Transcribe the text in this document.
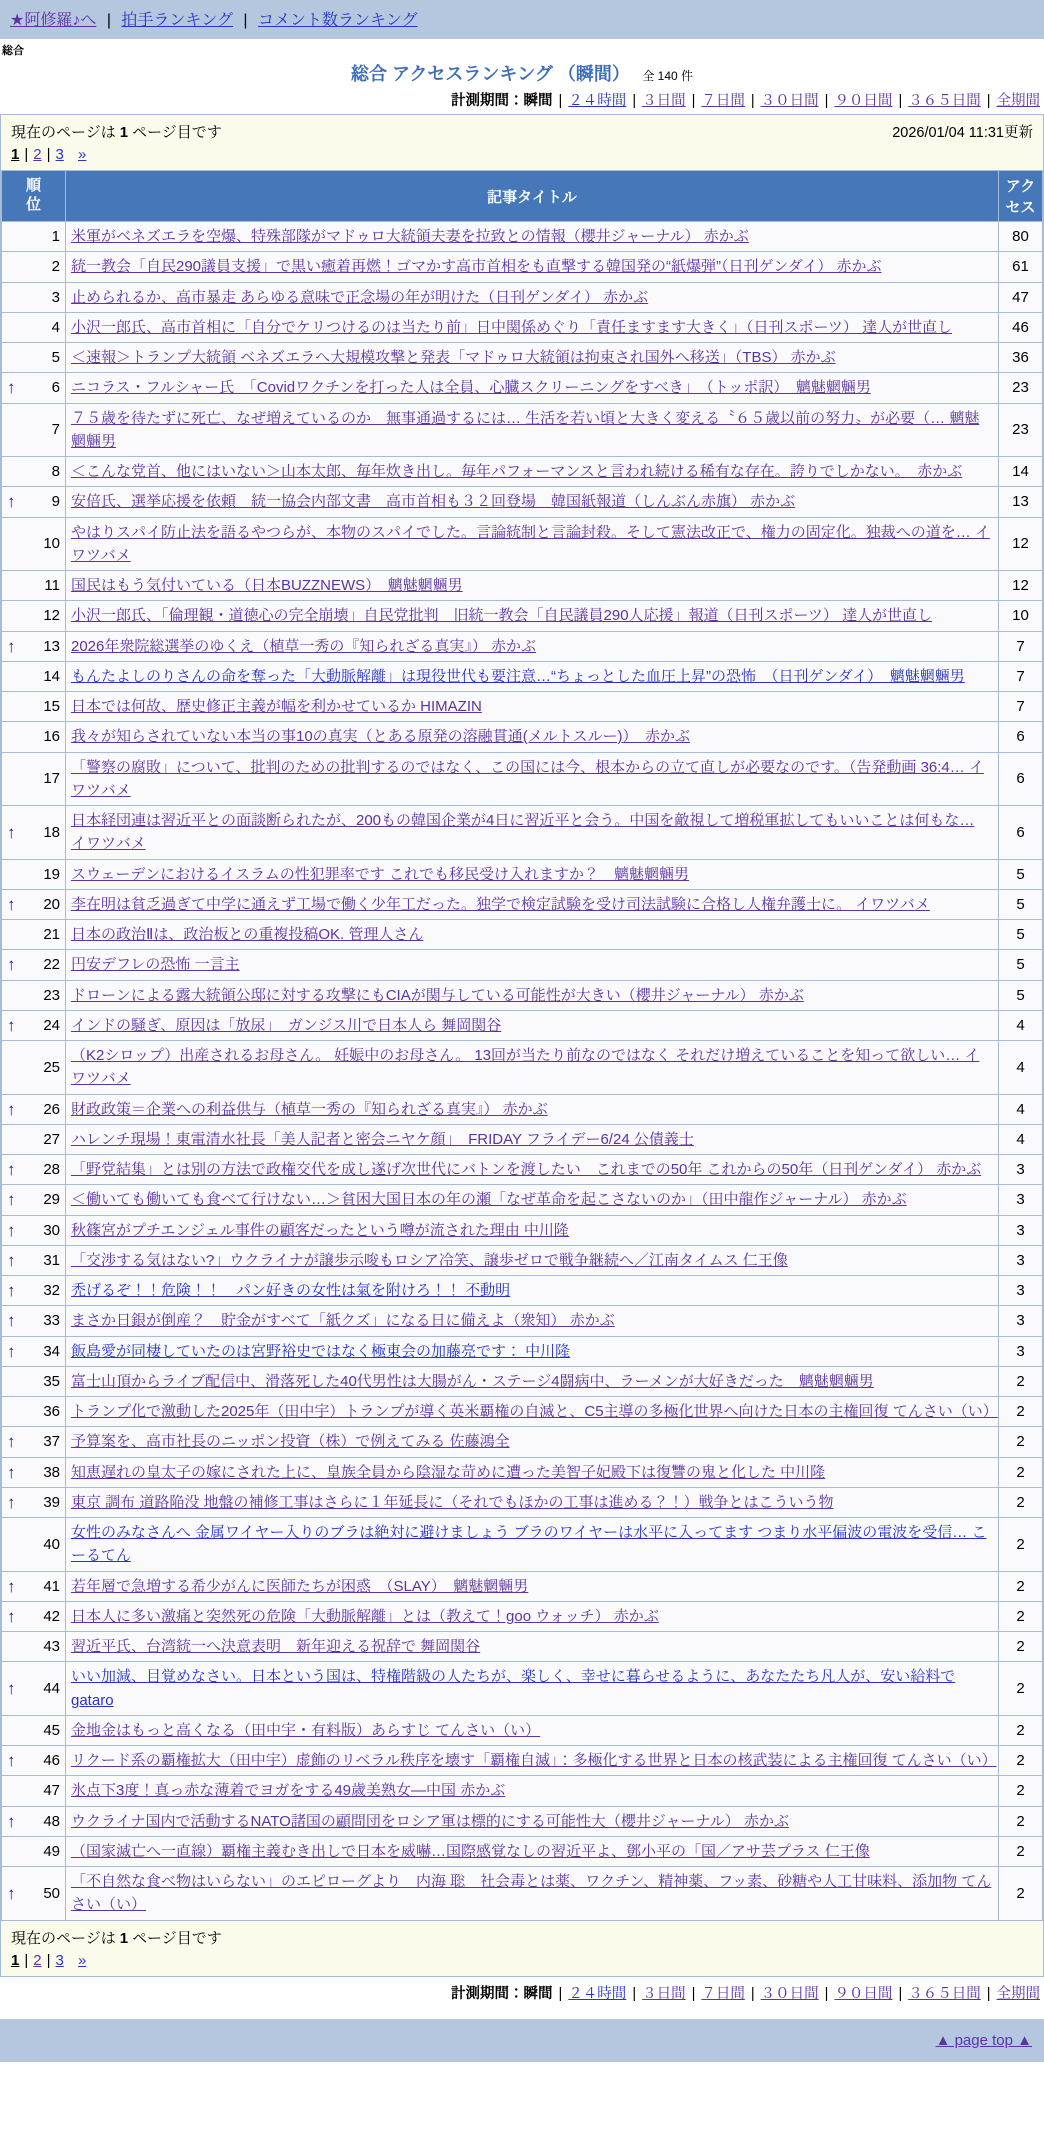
★阿修羅♪へ | 拍手ランキング | コメント数ランキング
総合
総合 アクセスランキング （瞬間） 全 140 件
計測期間：瞬間 | ２４時間 | ３日間 | ７日間 | ３０日間 | ９０日間 | ３６５日間 | 全期間
現在のページは 1 ページ目です	2026/01/04 11:31更新
1 | 2 | 3 »
順位	記事タイトル	アクセス

1	米軍がベネズエラを空爆、特殊部隊がマドゥロ大統領夫妻を拉致との情報（櫻井ジャーナル） 赤かぶ	80

2	統一教会「自民290議員支援」で黒い癒着再燃！ゴマかす高市首相をも直撃する韓国発の“紙爆弾”（日刊ゲンダイ） 赤かぶ	61

3	止められるか、高市暴走 あらゆる意味で正念場の年が明けた（日刊ゲンダイ） 赤かぶ	47

4	小沢一郎氏、高市首相に「自分でケリつけるのは当たり前」日中関係めぐり「責任ますます大きく」（日刊スポーツ） 達人が世直し	46

5	＜速報＞トランプ大統領 ベネズエラへ大規模攻撃と発表「マドゥロ大統領は拘束され国外へ移送」（TBS） 赤かぶ	36

↑ 6	ニコラス・フルシャー氏　「Covidワクチンを打った人は全員、心臓スクリーニングをすべき」　（トッポ訳）　魑魅魍魎男	23

7	７５歳を待たずに死亡、なぜ増えているのか　無事通過するには… 生活を若い頃と大きく変える〝６５歳以前の努力〟が必要（… 魑魅魍魎男	23

8	＜こんな党首、他にはいない＞山本太郎、毎年炊き出し。毎年パフォーマンスと言われ続ける稀有な存在。誇りでしかない。　赤かぶ	14

↑ 9	安倍氏、選挙応援を依頼　統一協会内部文書　高市首相も３２回登場　韓国紙報道（しんぶん赤旗） 赤かぶ	13

10	やはりスパイ防止法を語るやつらが、本物のスパイでした。言論統制と言論封殺。そして憲法改正で、権力の固定化。独裁への道を… イワツバメ	12

11	国民はもう気付いている（日本BUZZNEWS）　魑魅魍魎男	12

12	小沢一郎氏、「倫理観・道徳心の完全崩壊」自民党批判　旧統一教会「自民議員290人応援」報道（日刊スポーツ） 達人が世直し	10

↑ 13	2026年衆院総選挙のゆくえ（植草一秀の『知られざる真実』） 赤かぶ	7

14	もんたよしのりさんの命を奪った「大動脈解離」は現役世代も要注意…“ちょっとした血圧上昇”の恐怖　（日刊ゲンダイ）　魑魅魍魎男	7

15	日本では何故、歴史修正主義が幅を利かせているか HIMAZIN	7

16	我々が知らされていない本当の事10の真実（とある原発の溶融貫通(メルトスルー)）　赤かぶ	6

17	「警察の腐敗」について、批判のための批判するのではなく、この国には今、根本からの立て直しが必要なのです。（告発動画 36:4… イワツバメ	6

↑ 18	日本経団連は習近平との面談断られたが、200もの韓国企業が4日に習近平と会う。中国を敵視して増税軍拡してもいいことは何もな… イワツバメ	6

19	スウェーデンにおけるイスラムの性犯罪率です これでも移民受け入れますか？　魑魅魍魎男	5

↑ 20	李在明は貧乏過ぎて中学に通えず工場で働く少年工だった。独学で検定試験を受け司法試験に合格し人権弁護士に。 イワツバメ	5

21	日本の政治Ⅱは、政治板との重複投稿OK. 管理人さん	5

↑ 22	円安デフレの恐怖 一言主	5

23	ドローンによる露大統領公邸に対する攻撃にもCIAが関与している可能性が大きい（櫻井ジャーナル） 赤かぶ	5

↑ 24	インドの騒ぎ、原因は「放尿」　ガンジス川で日本人ら 舞岡関谷	4

25	（K2シロップ）出産されるお母さん。 妊娠中のお母さん。 13回が当たり前なのではなく それだけ増えていることを知って欲しい… イワツバメ	4

↑ 26	財政政策＝企業への利益供与（植草一秀の『知られざる真実』） 赤かぶ	4

27	ハレンチ現場！東電清水社長「美人記者と密会ニヤケ顔」　FRIDAY フライデー6/24 公債義士	4

↑ 28	「野党結集」とは別の方法で政権交代を成し遂げ次世代にバトンを渡したい　これまでの50年 これからの50年（日刊ゲンダイ） 赤かぶ	3

↑ 29	＜働いても働いても食べて行けない…＞貧困大国日本の年の瀬「なぜ革命を起こさないのか」（田中龍作ジャーナル） 赤かぶ	3

↑ 30	秋篠宮がプチエンジェル事件の顧客だったという噂が流された理由 中川隆	3

↑ 31	「交渉する気はない?」ウクライナが譲歩示唆もロシア冷笑、譲歩ゼロで戦争継続へ／江南タイムス 仁王像	3

↑ 32	禿げるぞ！！危険！！　パン好きの女性は氣を附けろ！！ 不動明	3

↑ 33	まさか日銀が倒産？　貯金がすべて「紙クズ」になる日に備えよ（衆知） 赤かぶ	3

↑ 34	飯島愛が同棲していたのは宮野裕史ではなく極東会の加藤亮です： 中川隆	3

35	富士山頂からライブ配信中、滑落死した40代男性は大腸がん・ステージ4闘病中、ラーメンが大好きだった　魑魅魍魎男	2

36	トランプ化で激動した2025年（田中宇）トランプが導く英米覇権の自滅と、C5主導の多極化世界へ向けた日本の主権回復 てんさい（い）	2

↑ 37	予算案を、高市社長のニッポン投資（株）で例えてみる 佐藤鴻全	2

↑ 38	知恵遅れの皇太子の嫁にされた上に、皇族全員から陰湿な苛めに遭った美智子妃殿下は復讐の鬼と化した 中川隆	2

↑ 39	東京 調布 道路陥没 地盤の補修工事はさらに１年延長に（それでもほかの工事は進める？！）戦争とはこういう物	2

40	女性のみなさんへ 金属ワイヤー入りのブラは絶対に避けましょう ブラのワイヤーは水平に入ってます つまり水平偏波の電波を受信… こーるてん	2

↑ 41	若年層で急増する希少がんに医師たちが困惑　（SLAY）　魑魅魍魎男	2

↑ 42	日本人に多い激痛と突然死の危険「大動脈解離」とは（教えて！goo ウォッチ） 赤かぶ	2

43	習近平氏、台湾統一へ決意表明　新年迎える祝辞で 舞岡関谷	2

↑ 44	いい加減、目覚めなさい。日本という国は、特権階級の人たちが、楽しく、幸せに暮らせるように、あなたたち凡人が、安い給料で gataro	2

45	金地金はもっと高くなる（田中宇・有料版）あらすじ てんさい（い）	2

↑ 46	リクード系の覇権拡大（田中宇）虚飾のリベラル秩序を壊す「覇権自滅」：多極化する世界と日本の核武装による主権回復 てんさい（い）	2

47	氷点下3度！真っ赤な薄着でヨガをする49歳美熟女―中国 赤かぶ	2

↑ 48	ウクライナ国内で活動するNATO諸国の顧問団をロシア軍は標的にする可能性大（櫻井ジャーナル） 赤かぶ	2

49	（国家滅亡へ一直線）覇権主義むき出しで日本を威嚇…国際感覚なしの習近平よ、鄧小平の「国／アサ芸プラス 仁王像	2

↑ 50	「不自然な食べ物はいらない」のエピローグより　内海 聡　社会毒とは薬、ワクチン、精神薬、フッ素、砂糖や人工甘味料、添加物 てんさい（い）	2
現在のページは 1 ページ目です
1 | 2 | 3 »
計測期間：瞬間 | ２４時間 | ３日間 | ７日間 | ３０日間 | ９０日間 | ３６５日間 | 全期間
▲ page top ▲
